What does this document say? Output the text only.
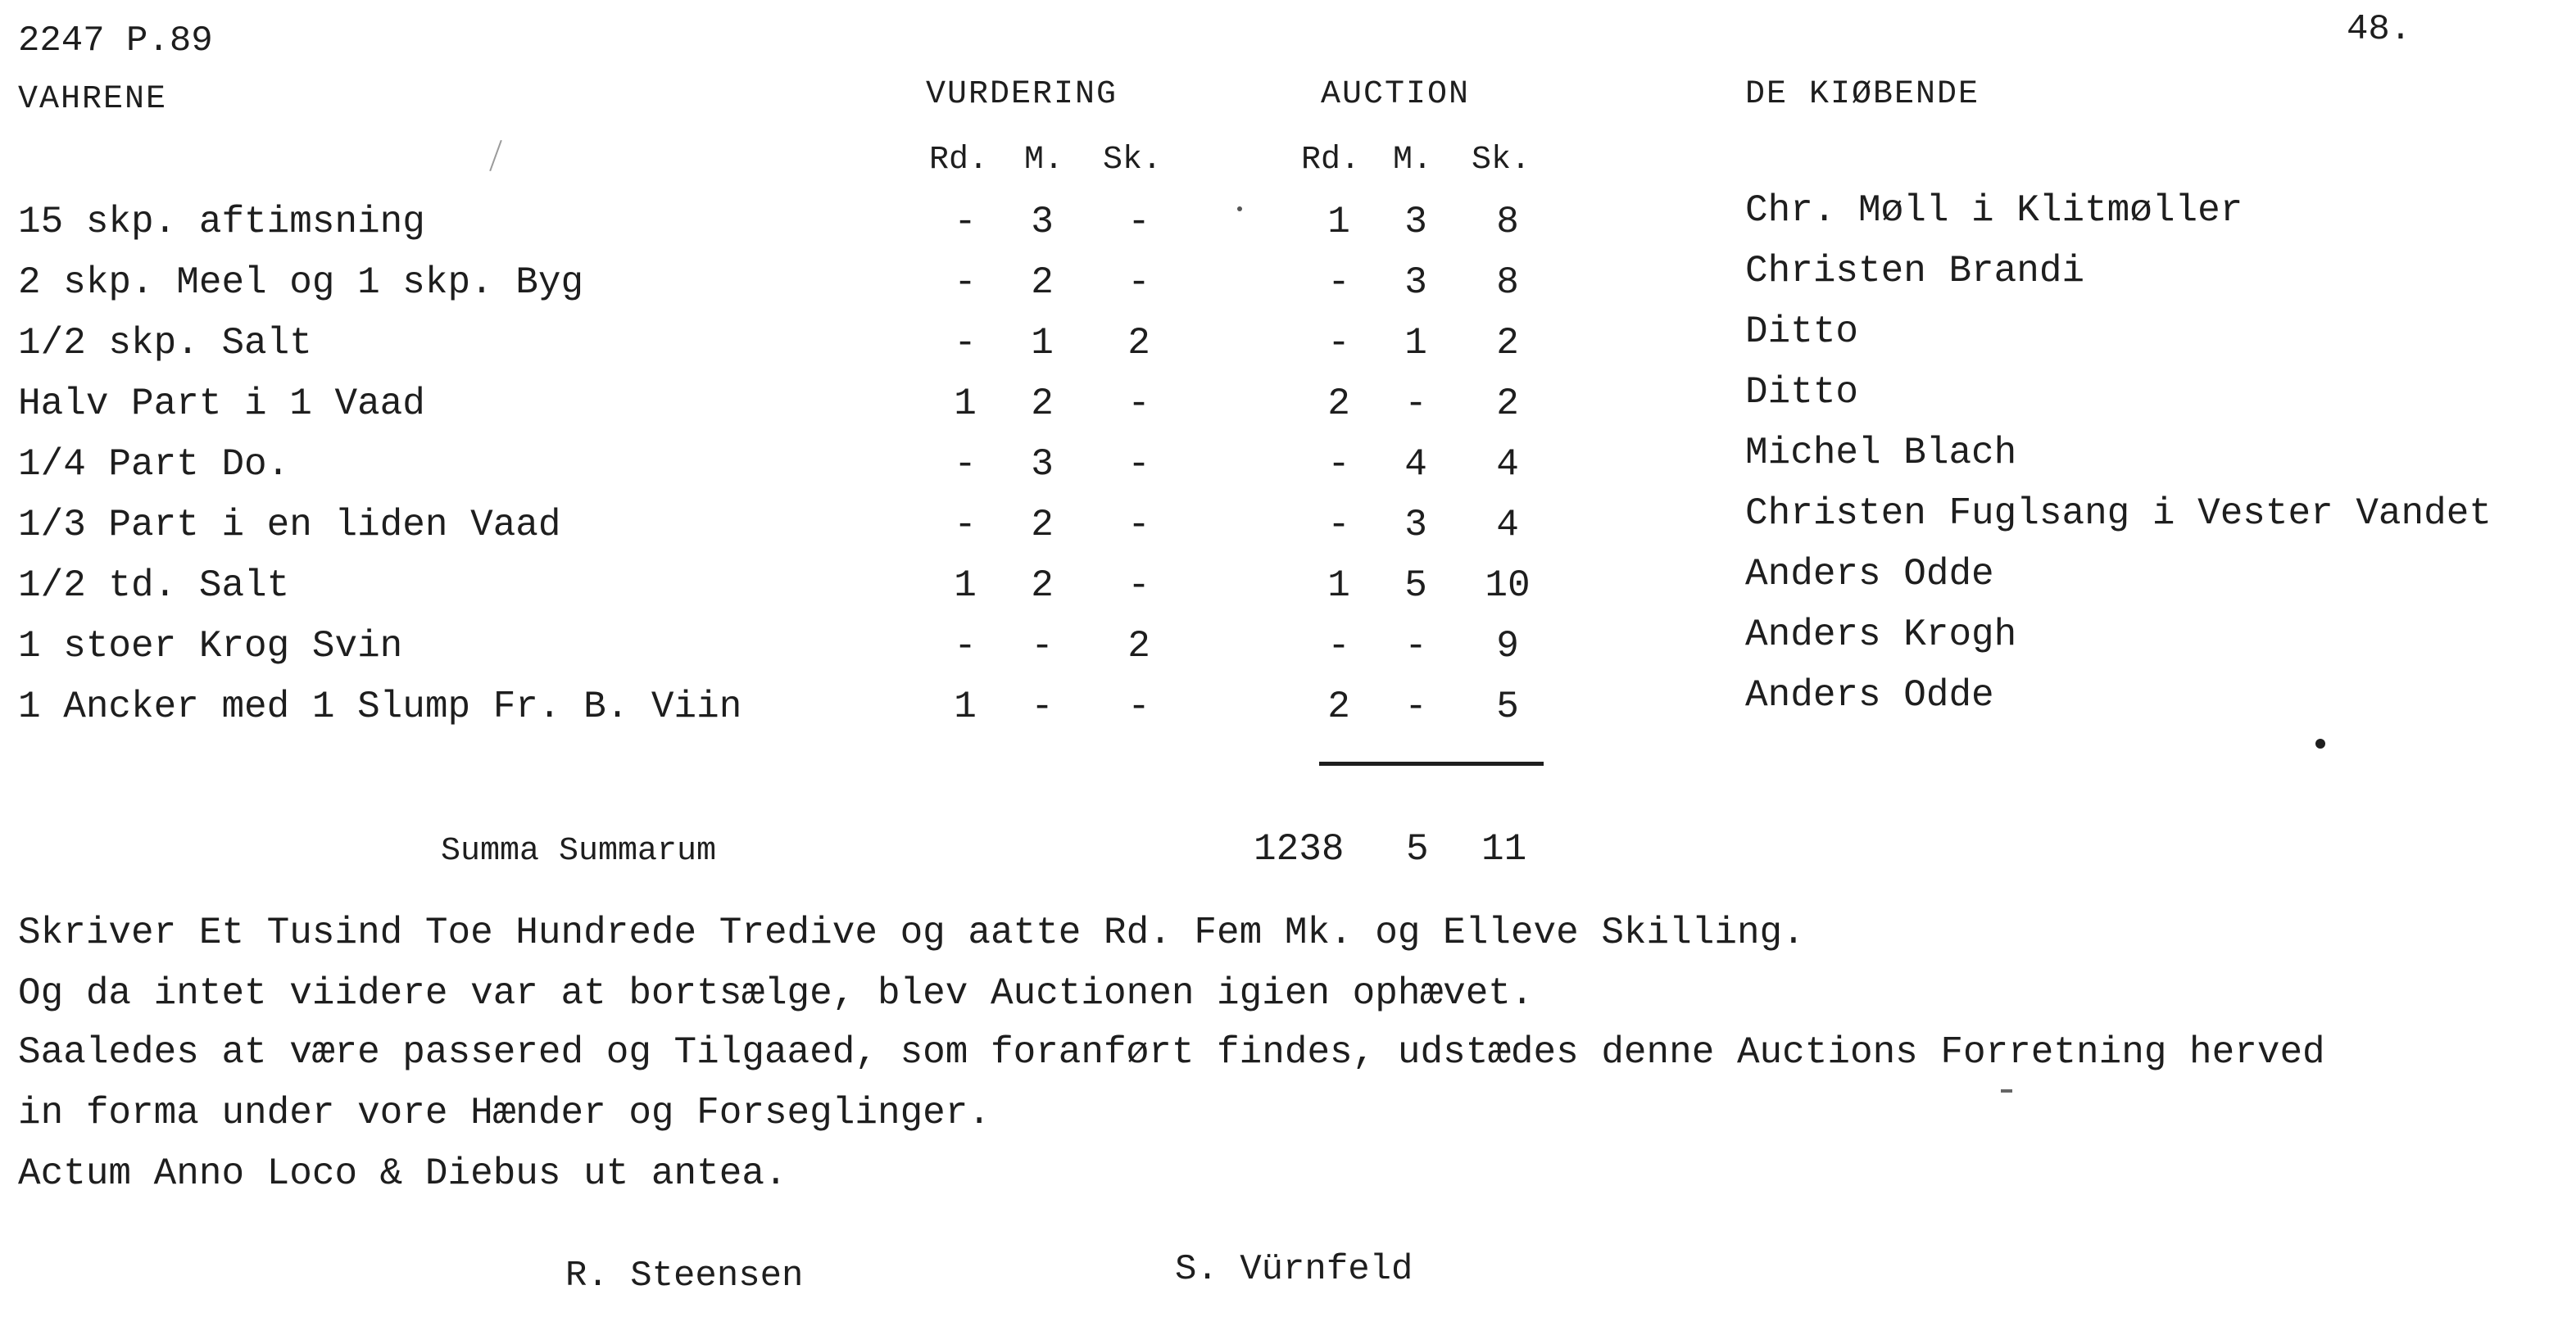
2247 P.89	48.
VAHRENE	VURDERING	AUCTION	DE KIØBENDE
Rd. M. Sk.	Rd. M. Sk.
15 skp. aftimsning	-	3	-	1	3	8	Chr. Møll i Klitmøller
2 skp. Meel og 1 skp. Byg	-	2	-	-	3	8	Christen Brandi
1/2 skp. Salt	-	1	2	-	1	2	Ditto
Halv Part i 1 Vaad	1	2	-	2	-	2	Ditto
1/4 Part Do.	-	3	-	-	4	4	Michel Blach
1/3 Part i en liden Vaad	-	2	-	-	3	4	Christen Fuglsang i Vester Vandet
1/2 td. Salt	1	2	-	1	5	10	Anders Odde
1 stoer Krog Svin	-	-	2	-	-	9	Anders Krogh
1 Ancker med 1 Slump Fr. B. Viin	1	-	-	2	-	5	Anders Odde
Summa Summarum	1238 5 11
Skriver Et Tusind Toe Hundrede Tredive og aatte Rd. Fem Mk. og Elleve Skilling.
Og da intet viidere var at bortsælge, blev Auctionen igien ophævet.
Saaledes at være passered og Tilgaaed, som foranført findes, udstædes denne Auctions Forretning herved
in forma under vore Hænder og Forseglinger.
Actum Anno Loco & Diebus ut antea.
R. Steensen	S. Vürnfeld
